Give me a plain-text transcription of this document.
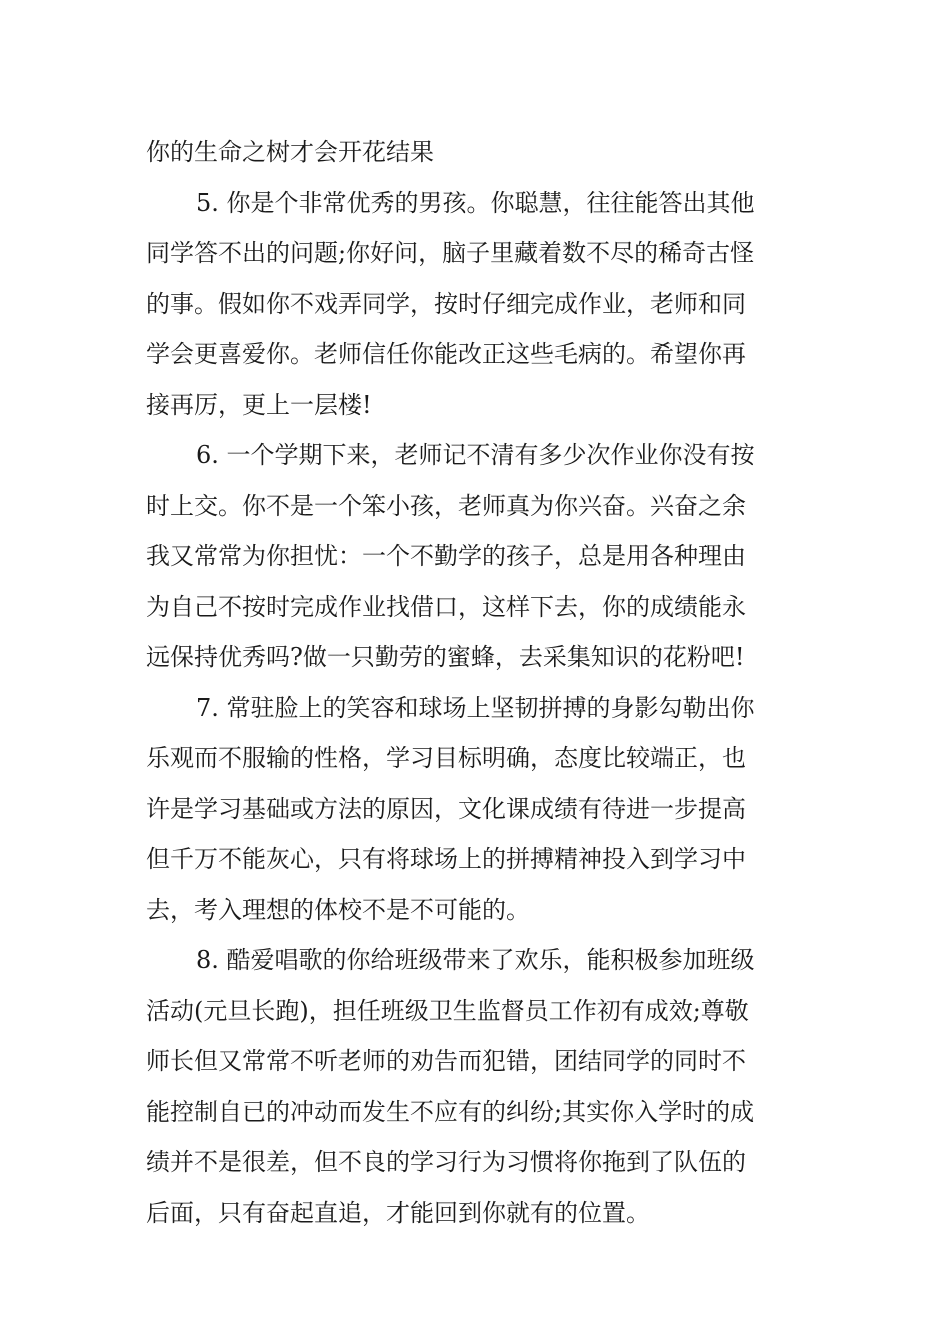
你的生命之树才会开花结果
5. 你是个非常优秀的男孩。你聪慧，往往能答出其他
同学答不出的问题;你好问，脑子里藏着数不尽的稀奇古怪
的事。假如你不戏弄同学，按时仔细完成作业，老师和同
学会更喜爱你。老师信任你能改正这些毛病的。希望你再
接再厉，更上一层楼!
6. 一个学期下来，老师记不清有多少次作业你没有按
时上交。你不是一个笨小孩，老师真为你兴奋。兴奋之余
我又常常为你担忧：一个不勤学的孩子，总是用各种理由
为自己不按时完成作业找借口，这样下去，你的成绩能永
远保持优秀吗?做一只勤劳的蜜蜂，去采集知识的花粉吧!
7. 常驻脸上的笑容和球场上坚韧拼搏的身影勾勒出你
乐观而不服输的性格，学习目标明确，态度比较端正，也
许是学习基础或方法的原因，文化课成绩有待进一步提高
但千万不能灰心，只有将球场上的拼搏精神投入到学习中
去，考入理想的体校不是不可能的。
8. 酷爱唱歌的你给班级带来了欢乐，能积极参加班级
活动(元旦长跑)，担任班级卫生监督员工作初有成效;尊敬
师长但又常常不听老师的劝告而犯错，团结同学的同时不
能控制自已的冲动而发生不应有的纠纷;其实你入学时的成
绩并不是很差，但不良的学习行为习惯将你拖到了队伍的
后面，只有奋起直追，才能回到你就有的位置。
